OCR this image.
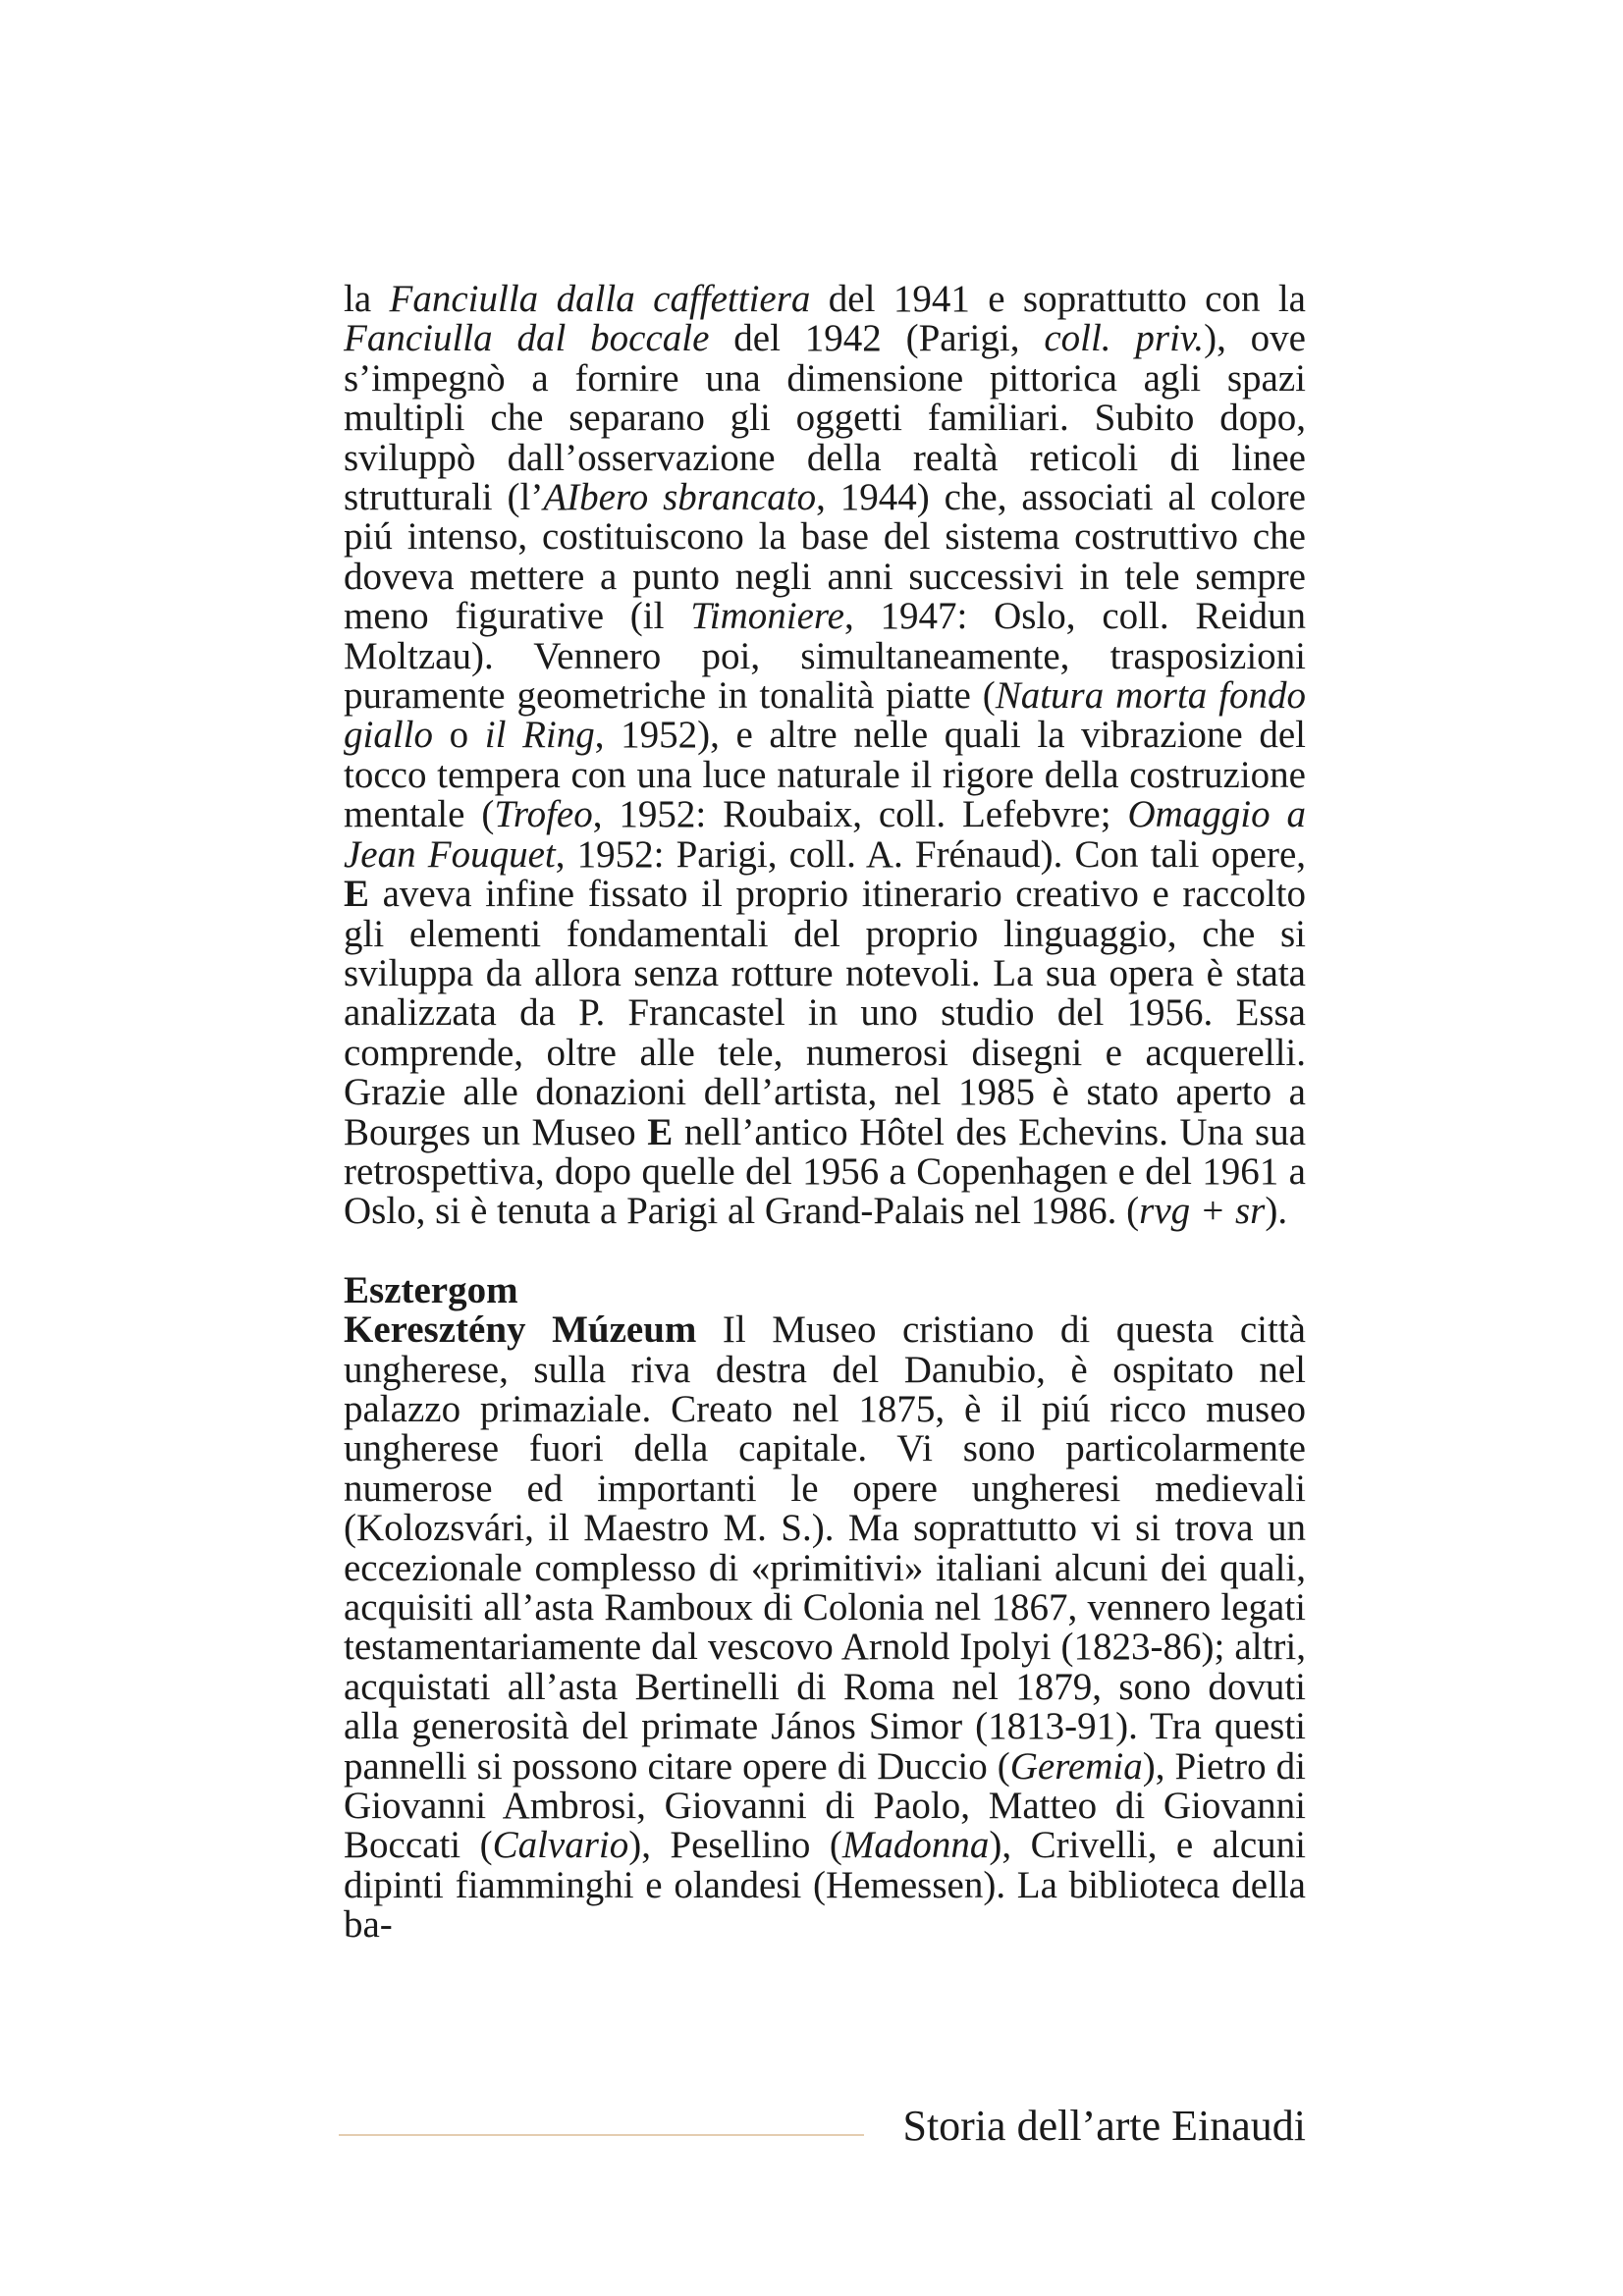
la Fanciulla dalla caffettiera del 1941 e soprattutto con la Fanciulla dal boccale del 1942 (Parigi, coll. priv.), ove s’impegnò a fornire una dimensione pittorica agli spazi multipli che separano gli oggetti familiari. Subito dopo, sviluppò dall’osservazione della realtà reticoli di linee strutturali (l’AIbero sbrancato, 1944) che, associati al colore piú intenso, costituiscono la base del sistema costruttivo che doveva mettere a punto negli anni successivi in tele sempre meno figurative (il Timoniere, 1947: Oslo, coll. Reidun Moltzau). Vennero poi, simultaneamente, trasposizioni puramente geometriche in tonalità piatte (Natura morta fondo giallo o il Ring, 1952), e altre nelle quali la vibrazione del tocco tempera con una luce naturale il rigore della costruzione mentale (Trofeo, 1952: Roubaix, coll. Lefebvre; Omaggio a Jean Fouquet, 1952: Parigi, coll. A. Frénaud). Con tali opere, E aveva infine fissato il proprio itinerario creativo e raccolto gli elementi fondamentali del proprio linguaggio, che si sviluppa da allora senza rotture notevoli. La sua opera è stata analizzata da P. Francastel in uno studio del 1956. Essa comprende, oltre alle tele, numerosi disegni e acquerelli. Grazie alle donazioni dell’artista, nel 1985 è stato aperto a Bourges un Museo E nell’antico Hôtel des Echevins. Una sua retrospettiva, dopo quelle del 1956 a Copenhagen e del 1961 a Oslo, si è tenuta a Parigi al Grand-Palais nel 1986. (rvg + sr).

Esztergom

Keresztény Múzeum Il Museo cristiano di questa città ungherese, sulla riva destra del Danubio, è ospitato nel palazzo primaziale. Creato nel 1875, è il piú ricco museo ungherese fuori della capitale. Vi sono particolarmente numerose ed importanti le opere ungheresi medievali (Kolozsvári, il Maestro M. S.). Ma soprattutto vi si trova un eccezionale complesso di «primitivi» italiani alcuni dei quali, acquisiti all’asta Ramboux di Colonia nel 1867, vennero legati testamentariamente dal vescovo Arnold Ipolyi (1823-86); altri, acquistati all’asta Bertinelli di Roma nel 1879, sono dovuti alla generosità del primate János Simor (1813-91). Tra questi pannelli si possono citare opere di Duccio (Geremia), Pietro di Giovanni Ambrosi, Giovanni di Paolo, Matteo di Giovanni Boccati (Calvario), Pesellino (Madonna), Crivelli, e alcuni dipinti fiamminghi e olandesi (Hemessen). La biblioteca della ba-

Storia dell’arte Einaudi
